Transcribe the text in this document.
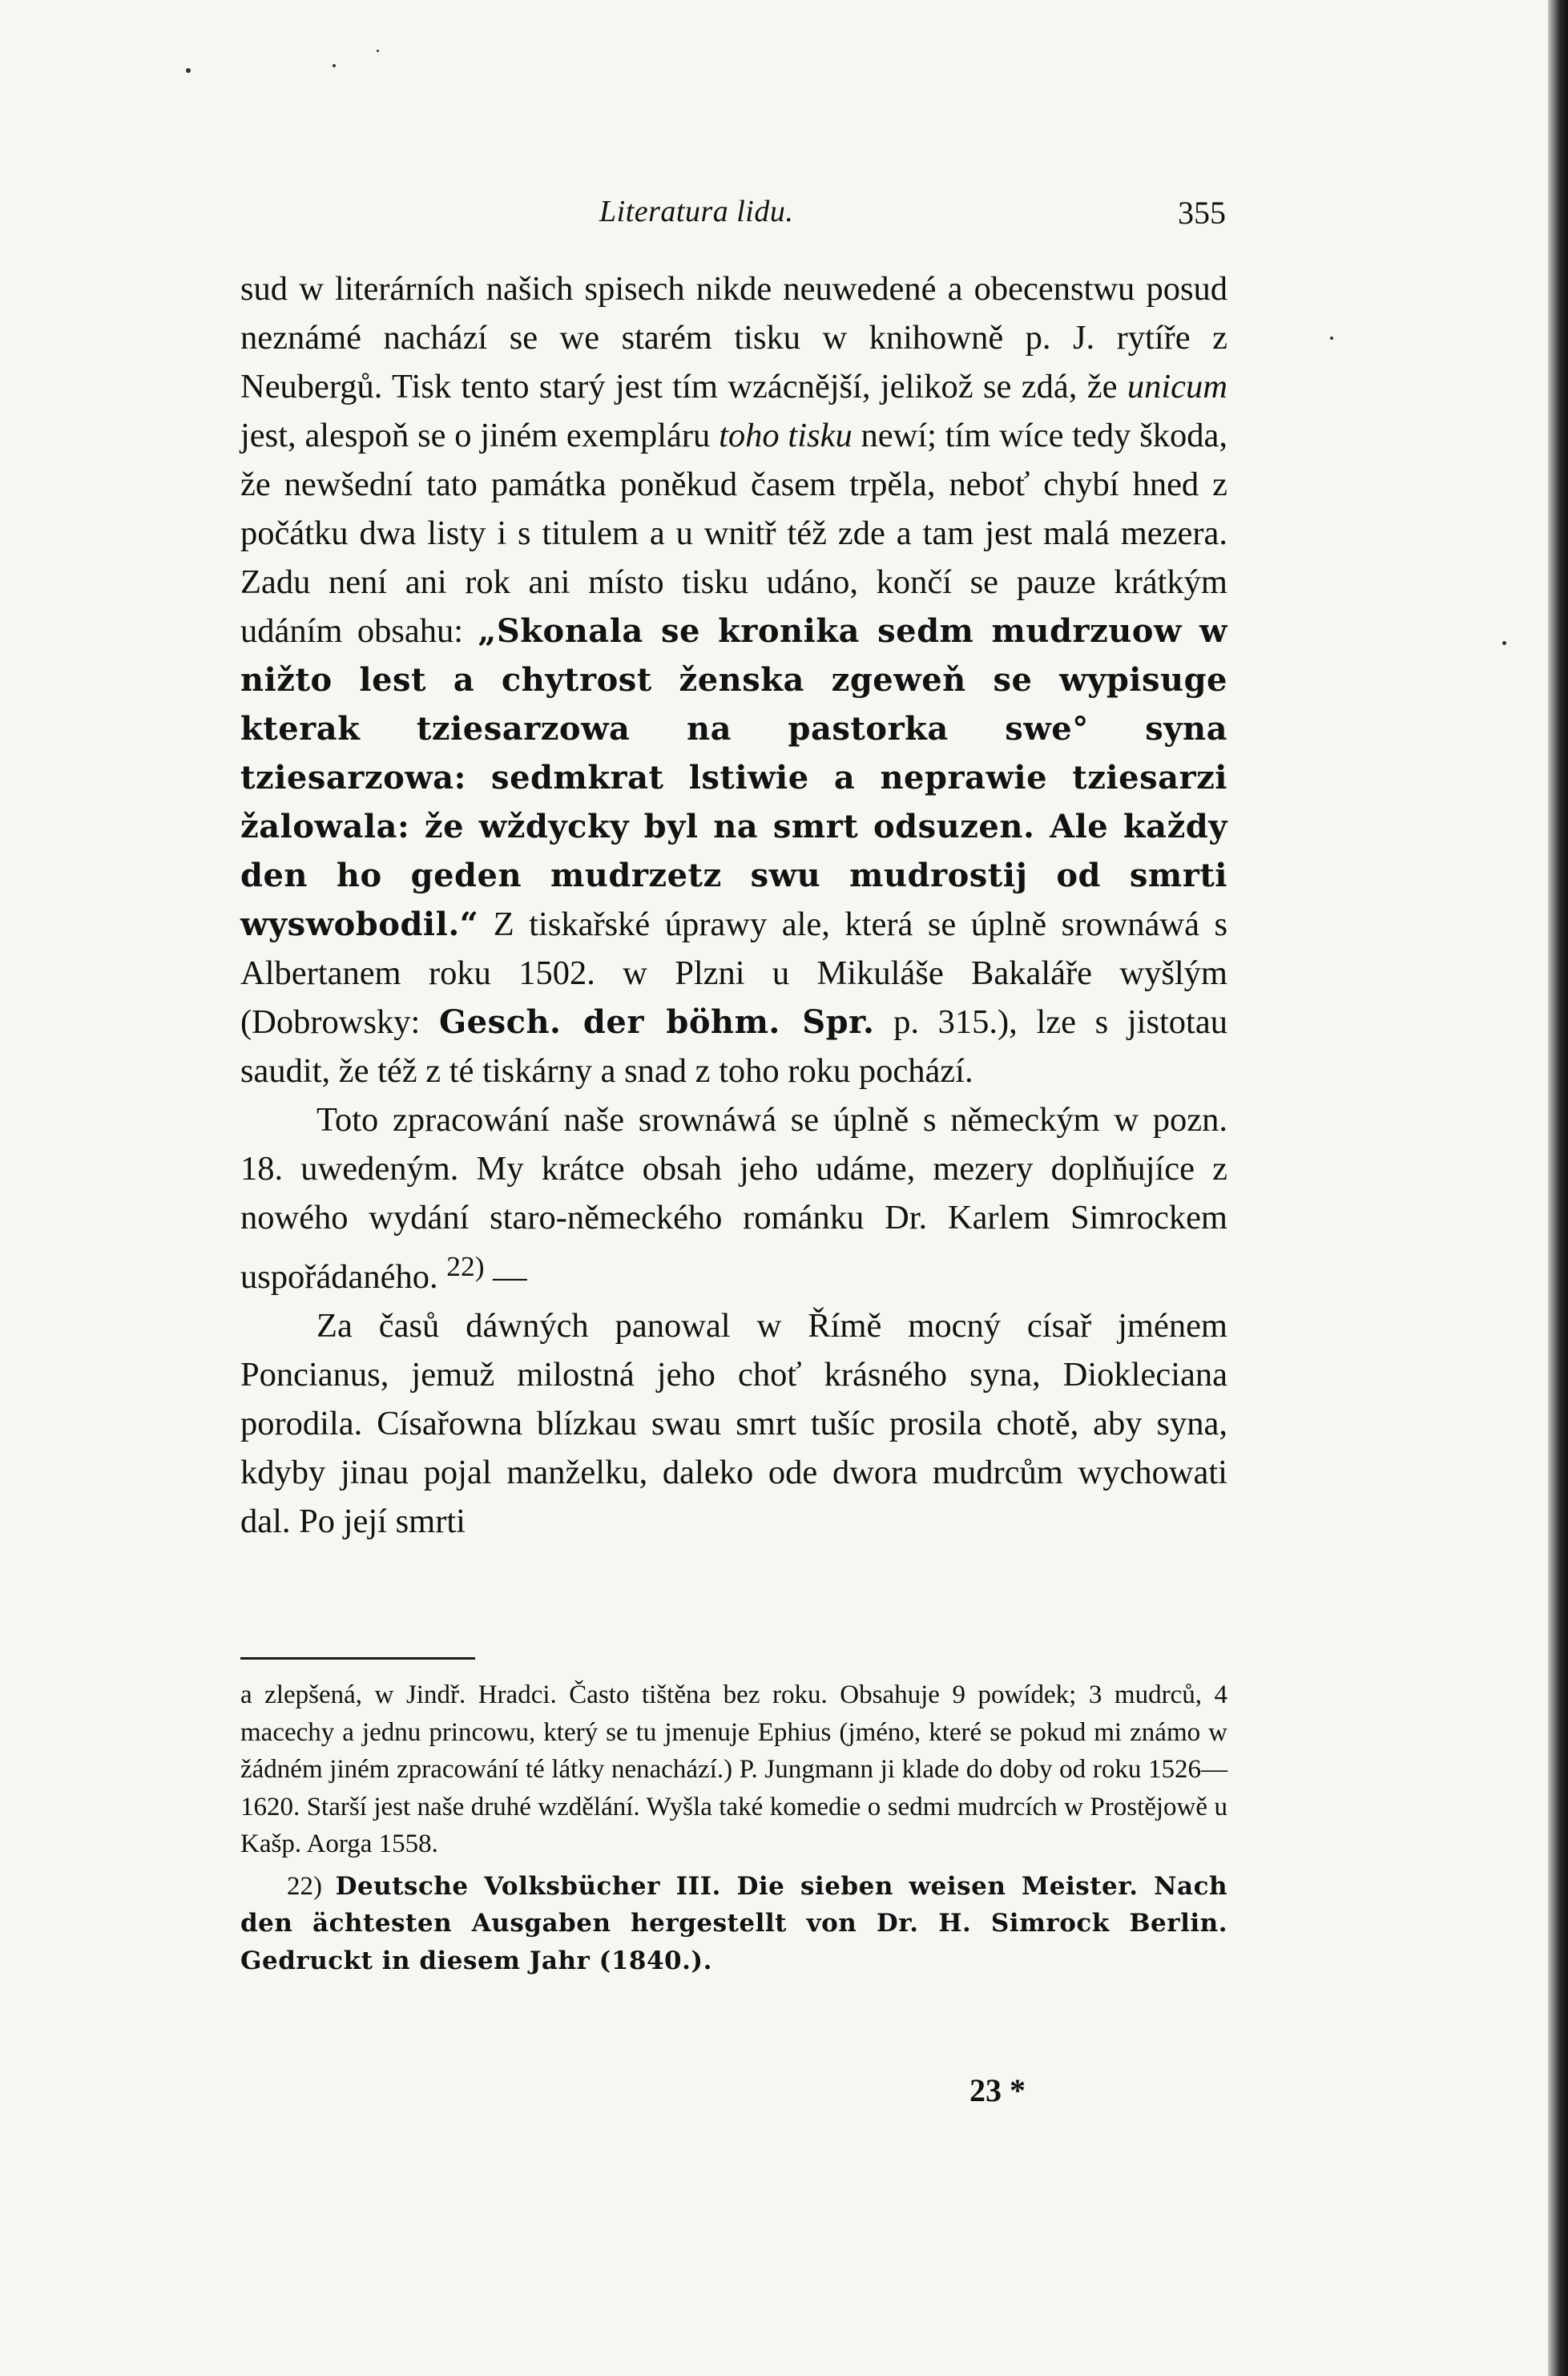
Literatura lidu.	355

sud w literárních našich spisech nikde neuwedené a obecenstwu posud neznámé nachází se we starém tisku w knihowně p. J. rytíře z Neubergů. Tisk tento starý jest tím wzácnější, jelikož se zdá, že unicum jest, alespoň se o jiném exempláru toho tisku newí; tím wíce tedy škoda, že newšední tato památka poněkud časem trpěla, neboť chybí hned z počátku dwa listy i s titulem a u wnitř též zde a tam jest malá mezera. Zadu není ani rok ani místo tisku udáno, končí se pauze krátkým udáním obsahu: „Skonala se kronika sedm mudrzuow w nižto lest a chytrost ženska zgeweň se wypisuge kterak tziesarzowa na pastorka swe° syna tziesarzowa: sedmkrat lstiwie a neprawie tziesarzi žalowala: že wždycky byl na smrt odsuzen. Ale každy den ho geden mudrzetz swu mudrostij od smrti wyswobodil.“ Z tiskařské úprawy ale, která se úplně srownáwá s Albertanem roku 1502. w Plzni u Mikuláše Bakaláře wyšlým (Dobrowsky: Gesch. der böhm. Spr. p. 315.), lze s jistotau saudit, že též z té tiskárny a snad z toho roku pochází.

Toto zpracowání naše srownáwá se úplně s německým w pozn. 18. uwedeným. My krátce obsah jeho udáme, mezery doplňujíce z nowého wydání staro-německého románku Dr. Karlem Simrockem uspořádaného. $^{22)}$ —

Za časů dáwných panowal w Římě mocný císař jménem Poncianus, jemuž milostná jeho choť krásného syna, Diokleciana porodila. Císařowna blízkau swau smrt tušíc prosila chotě, aby syna, kdyby jinau pojal manželku, daleko ode dwora mudrcům wychowati dal. Po její smrti

a zlepšená, w Jindř. Hradci. Často tištěna bez roku. Obsahuje 9 powídek; 3 mudrců, 4 macechy a jednu princowu, který se tu jmenuje Ephius (jméno, které se pokud mi známo w žádném jiném zpracowání té látky nenachází.) P. Jungmann ji klade do doby od roku 1526—1620. Starší jest naše druhé wzdělání. Wyšla také komedie o sedmi mudrcích w Prostějowě u Kašp. Aorga 1558.

22) Deutsche Volksbücher III. Die sieben weisen Meister. Nach den ächtesten Ausgaben hergestellt von Dr. H. Simrock Berlin. Gedruckt in diesem Jahr (1840.).

23 *
